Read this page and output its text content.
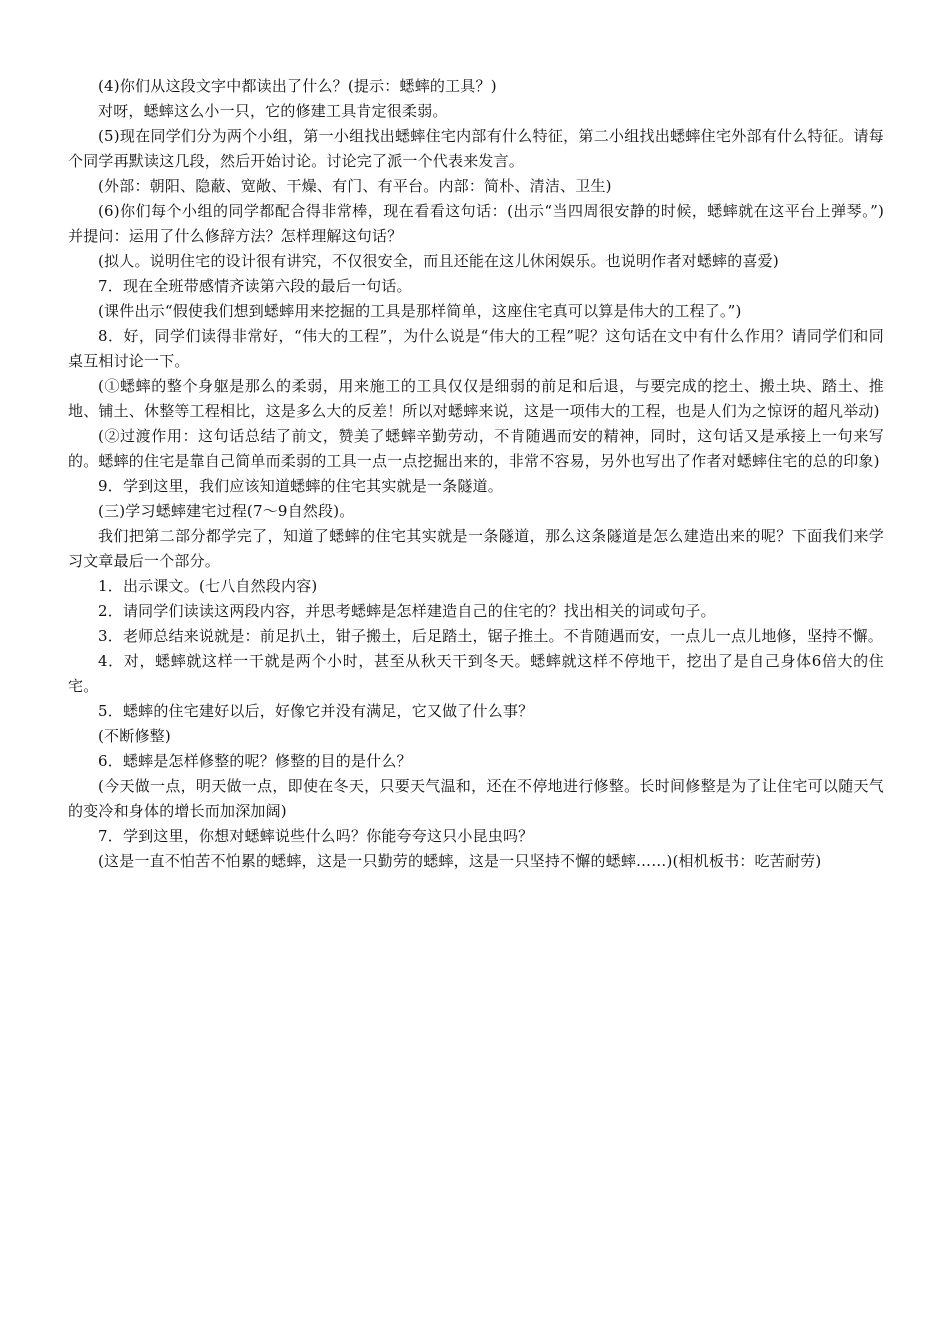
(4)你们从这段文字中都读出了什么？(提示：蟋蟀的工具？)

对呀，蟋蟀这么小一只，它的修建工具肯定很柔弱。

(5)现在同学们分为两个小组，第一小组找出蟋蟀住宅内部有什么特征，第二小组找出蟋蟀住宅外部有什么特征。请每个同学再默读这几段，然后开始讨论。讨论完了派一个代表来发言。

(外部：朝阳、隐蔽、宽敞、干燥、有门、有平台。内部：简朴、清洁、卫生)

(6)你们每个小组的同学都配合得非常棒，现在看看这句话：(出示“当四周很安静的时候，蟋蟀就在这平台上弹琴。”)并提问：运用了什么修辞方法？怎样理解这句话？

(拟人。说明住宅的设计很有讲究，不仅很安全，而且还能在这儿休闲娱乐。也说明作者对蟋蟀的喜爱)

7．现在全班带感情齐读第六段的最后一句话。

(课件出示“假使我们想到蟋蟀用来挖掘的工具是那样简单，这座住宅真可以算是伟大的工程了。”)

8．好，同学们读得非常好，“伟大的工程”，为什么说是“伟大的工程”呢？这句话在文中有什么作用？请同学们和同桌互相讨论一下。

(①蟋蟀的整个身躯是那么的柔弱，用来施工的工具仅仅是细弱的前足和后退，与要完成的挖土、搬土块、踏土、推地、铺土、休整等工程相比，这是多么大的反差！所以对蟋蟀来说，这是一项伟大的工程，也是人们为之惊讶的超凡举动)

(②过渡作用：这句话总结了前文，赞美了蟋蟀辛勤劳动，不肯随遇而安的精神，同时，这句话又是承接上一句来写的。蟋蟀的住宅是靠自己简单而柔弱的工具一点一点挖掘出来的，非常不容易，另外也写出了作者对蟋蟀住宅的总的印象)

9．学到这里，我们应该知道蟋蟀的住宅其实就是一条隧道。

(三)学习蟋蟀建宅过程(7～9自然段)。

我们把第二部分都学完了，知道了蟋蟀的住宅其实就是一条隧道，那么这条隧道是怎么建造出来的呢？下面我们来学习文章最后一个部分。

1．出示课文。(七八自然段内容)

2．请同学们读读这两段内容，并思考蟋蟀是怎样建造自己的住宅的？找出相关的词或句子。

3．老师总结来说就是：前足扒土，钳子搬土，后足踏土，锯子推土。不肯随遇而安，一点儿一点儿地修，坚持不懈。

4．对，蟋蟀就这样一干就是两个小时，甚至从秋天干到冬天。蟋蟀就这样不停地干，挖出了是自己身体6倍大的住宅。

5．蟋蟀的住宅建好以后，好像它并没有满足，它又做了什么事？

(不断修整)

6．蟋蟀是怎样修整的呢？修整的目的是什么？

(今天做一点，明天做一点，即使在冬天，只要天气温和，还在不停地进行修整。长时间修整是为了让住宅可以随天气的变冷和身体的增长而加深加阔)

7．学到这里，你想对蟋蟀说些什么吗？你能夸夸这只小昆虫吗？

(这是一直不怕苦不怕累的蟋蟀，这是一只勤劳的蟋蟀，这是一只坚持不懈的蟋蟀……)(相机板书：吃苦耐劳)
